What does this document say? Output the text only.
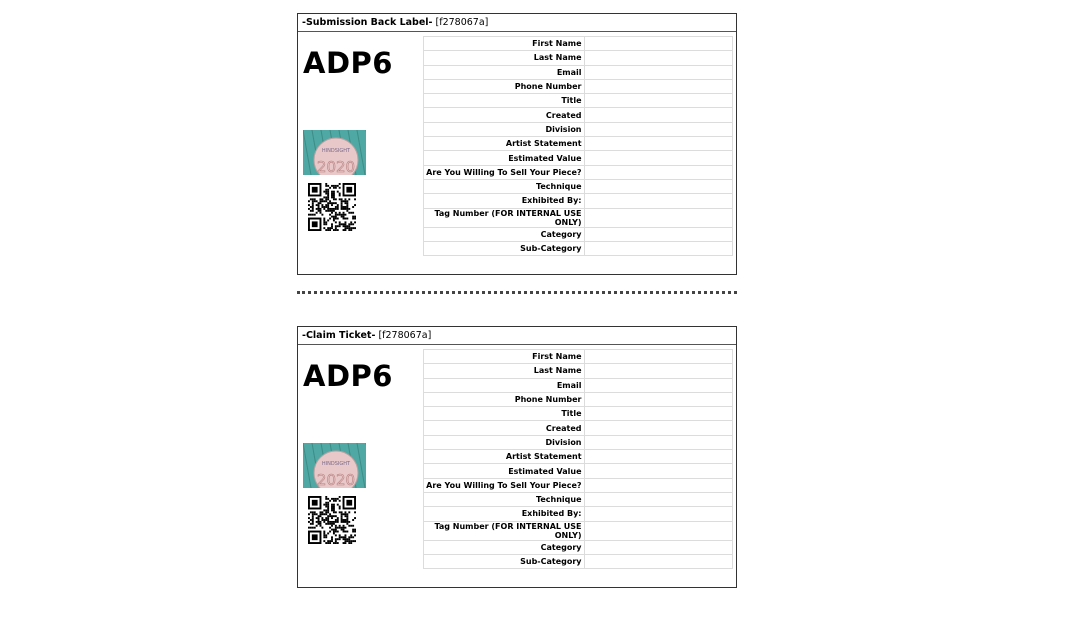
-Submission Back Label- [f278067a]
ADP6
HINDSIGHT
2020
First Name	
Last Name	
Email	
Phone Number	
Title	
Created	
Division	
Artist Statement	
Estimated Value	
Are You Willing To Sell Your Piece?	
Technique	
Exhibited By:	
Tag Number (FOR INTERNAL USE ONLY)	
Category	
Sub-Category	
-Claim Ticket- [f278067a]
ADP6
HINDSIGHT
2020
First Name	
Last Name	
Email	
Phone Number	
Title	
Created	
Division	
Artist Statement	
Estimated Value	
Are You Willing To Sell Your Piece?	
Technique	
Exhibited By:	
Tag Number (FOR INTERNAL USE ONLY)	
Category	
Sub-Category	
